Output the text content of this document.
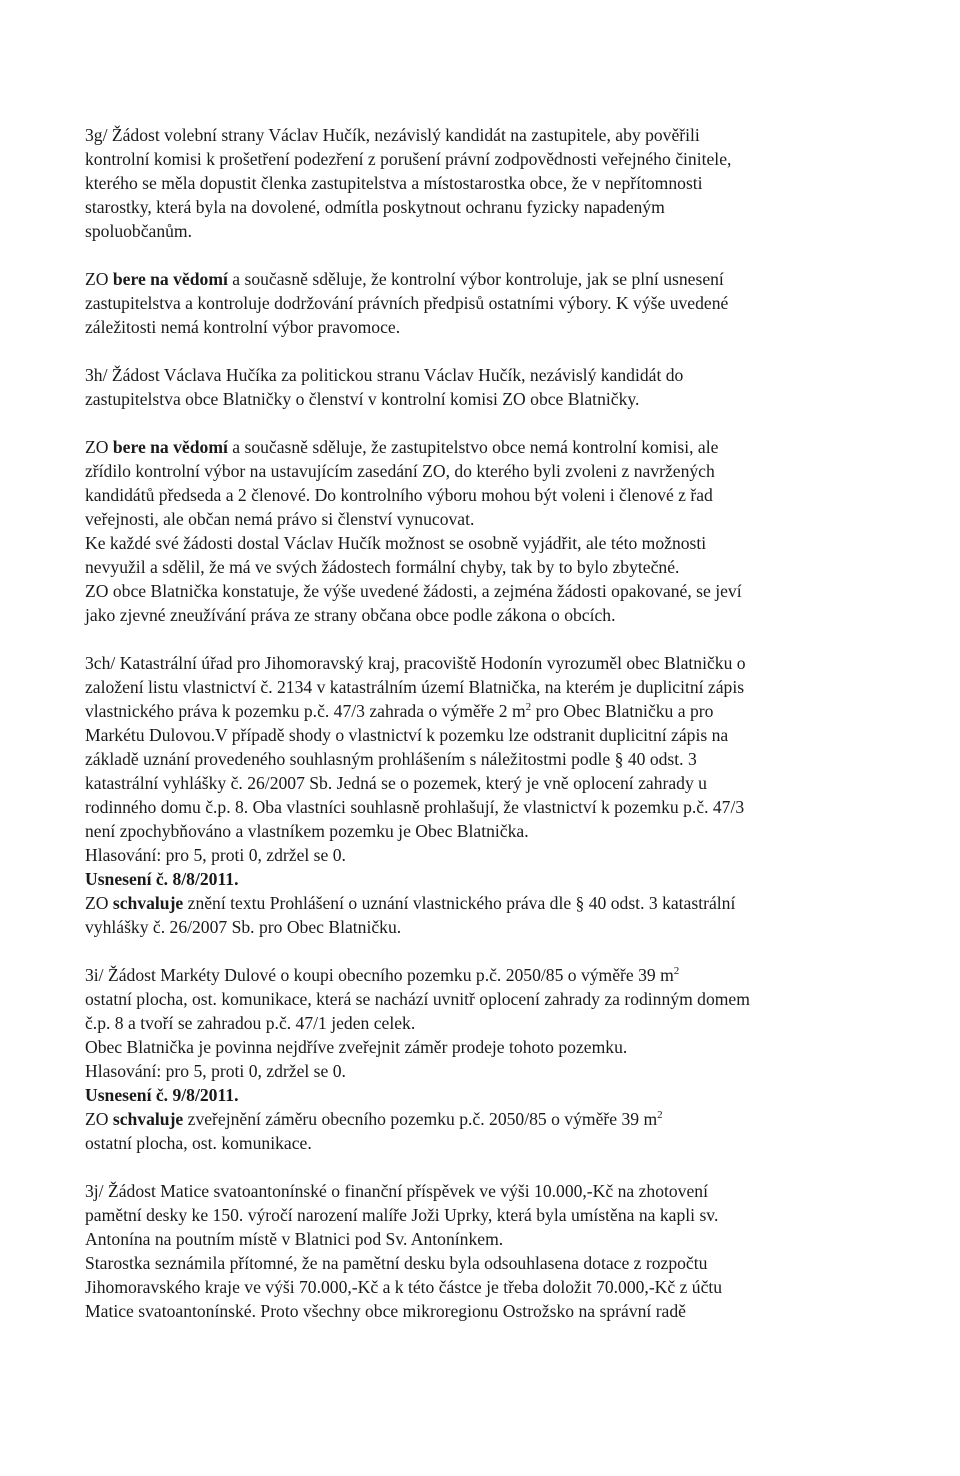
3g/ Žádost volební strany Václav Hučík, nezávislý kandidát na zastupitele, aby pověřili
kontrolní komisi k prošetření podezření z porušení právní zodpovědnosti veřejného činitele,
kterého se měla dopustit členka zastupitelstva a místostarostka obce, že v nepřítomnosti
starostky, která byla na dovolené, odmítla poskytnout ochranu fyzicky napadeným
spoluobčanům.
ZO bere na vědomí a současně sděluje, že kontrolní výbor kontroluje, jak se plní usnesení
zastupitelstva a kontroluje dodržování právních předpisů ostatními výbory. K výše uvedené
záležitosti nemá kontrolní výbor pravomoce.
3h/ Žádost Václava Hučíka za politickou stranu Václav Hučík, nezávislý kandidát do
zastupitelstva obce Blatničky o členství v kontrolní komisi ZO obce Blatničky.
ZO bere na vědomí a současně sděluje, že zastupitelstvo obce nemá kontrolní komisi, ale
zřídilo kontrolní výbor na ustavujícím zasedání ZO, do kterého byli zvoleni z navržených
kandidátů předseda a 2 členové. Do kontrolního výboru mohou být voleni i členové z řad
veřejnosti, ale občan nemá právo si členství vynucovat.
Ke každé své žádosti dostal Václav Hučík možnost se osobně vyjádřit, ale této možnosti
nevyužil a sdělil, že má ve svých žádostech formální chyby, tak by to bylo zbytečné.
ZO obce Blatnička konstatuje, že výše uvedené žádosti, a zejména žádosti opakované, se jeví
jako zjevné zneužívání práva ze strany občana obce podle zákona o obcích.
3ch/ Katastrální úřad pro Jihomoravský kraj, pracoviště Hodonín vyrozuměl obec Blatničku o
založení listu vlastnictví č. 2134 v katastrálním území Blatnička, na kterém je duplicitní zápis
vlastnického práva k pozemku p.č. 47/3 zahrada o výměře 2 $m^2$ pro Obec Blatničku a pro
Markétu Dulovou.V případě shody o vlastnictví k pozemku lze odstranit duplicitní zápis na
základě uznání provedeného souhlasným prohlášením s náležitostmi podle § 40 odst. 3
katastrální vyhlášky č. 26/2007 Sb. Jedná se o pozemek, který je vně oplocení zahrady u
rodinného domu č.p. 8. Oba vlastníci souhlasně prohlašují, že vlastnictví k pozemku p.č. 47/3
není zpochybňováno a vlastníkem pozemku je Obec Blatnička.
Hlasování: pro 5, proti 0, zdržel se 0.
Usnesení č. 8/8/2011.
ZO schvaluje znění textu Prohlášení o uznání vlastnického práva dle § 40 odst. 3 katastrální
vyhlášky č. 26/2007 Sb. pro Obec Blatničku.
3i/ Žádost Markéty Dulové o koupi obecního pozemku p.č. 2050/85 o výměře 39 $m^2$
ostatní plocha, ost. komunikace, která se nachází uvnitř oplocení zahrady za rodinným domem
č.p. 8 a tvoří se zahradou p.č. 47/1 jeden celek.
Obec Blatnička je povinna nejdříve zveřejnit záměr prodeje tohoto pozemku.
Hlasování: pro 5, proti 0, zdržel se 0.
Usnesení č. 9/8/2011.
ZO schvaluje zveřejnění záměru obecního pozemku p.č. 2050/85 o výměře 39 $m^2$
ostatní plocha, ost. komunikace.
3j/ Žádost Matice svatoantonínské o finanční příspěvek ve výši 10.000,-Kč na zhotovení
pamětní desky ke 150. výročí narození malíře Joži Uprky, která byla umístěna na kapli sv.
Antonína na poutním místě v Blatnici pod Sv. Antonínkem.
Starostka seznámila přítomné, že na pamětní desku byla odsouhlasena dotace z rozpočtu
Jihomoravského kraje ve výši 70.000,-Kč a k této částce je třeba doložit 70.000,-Kč z účtu
Matice svatoantonínské. Proto všechny obce mikroregionu Ostrožsko na správní radě
